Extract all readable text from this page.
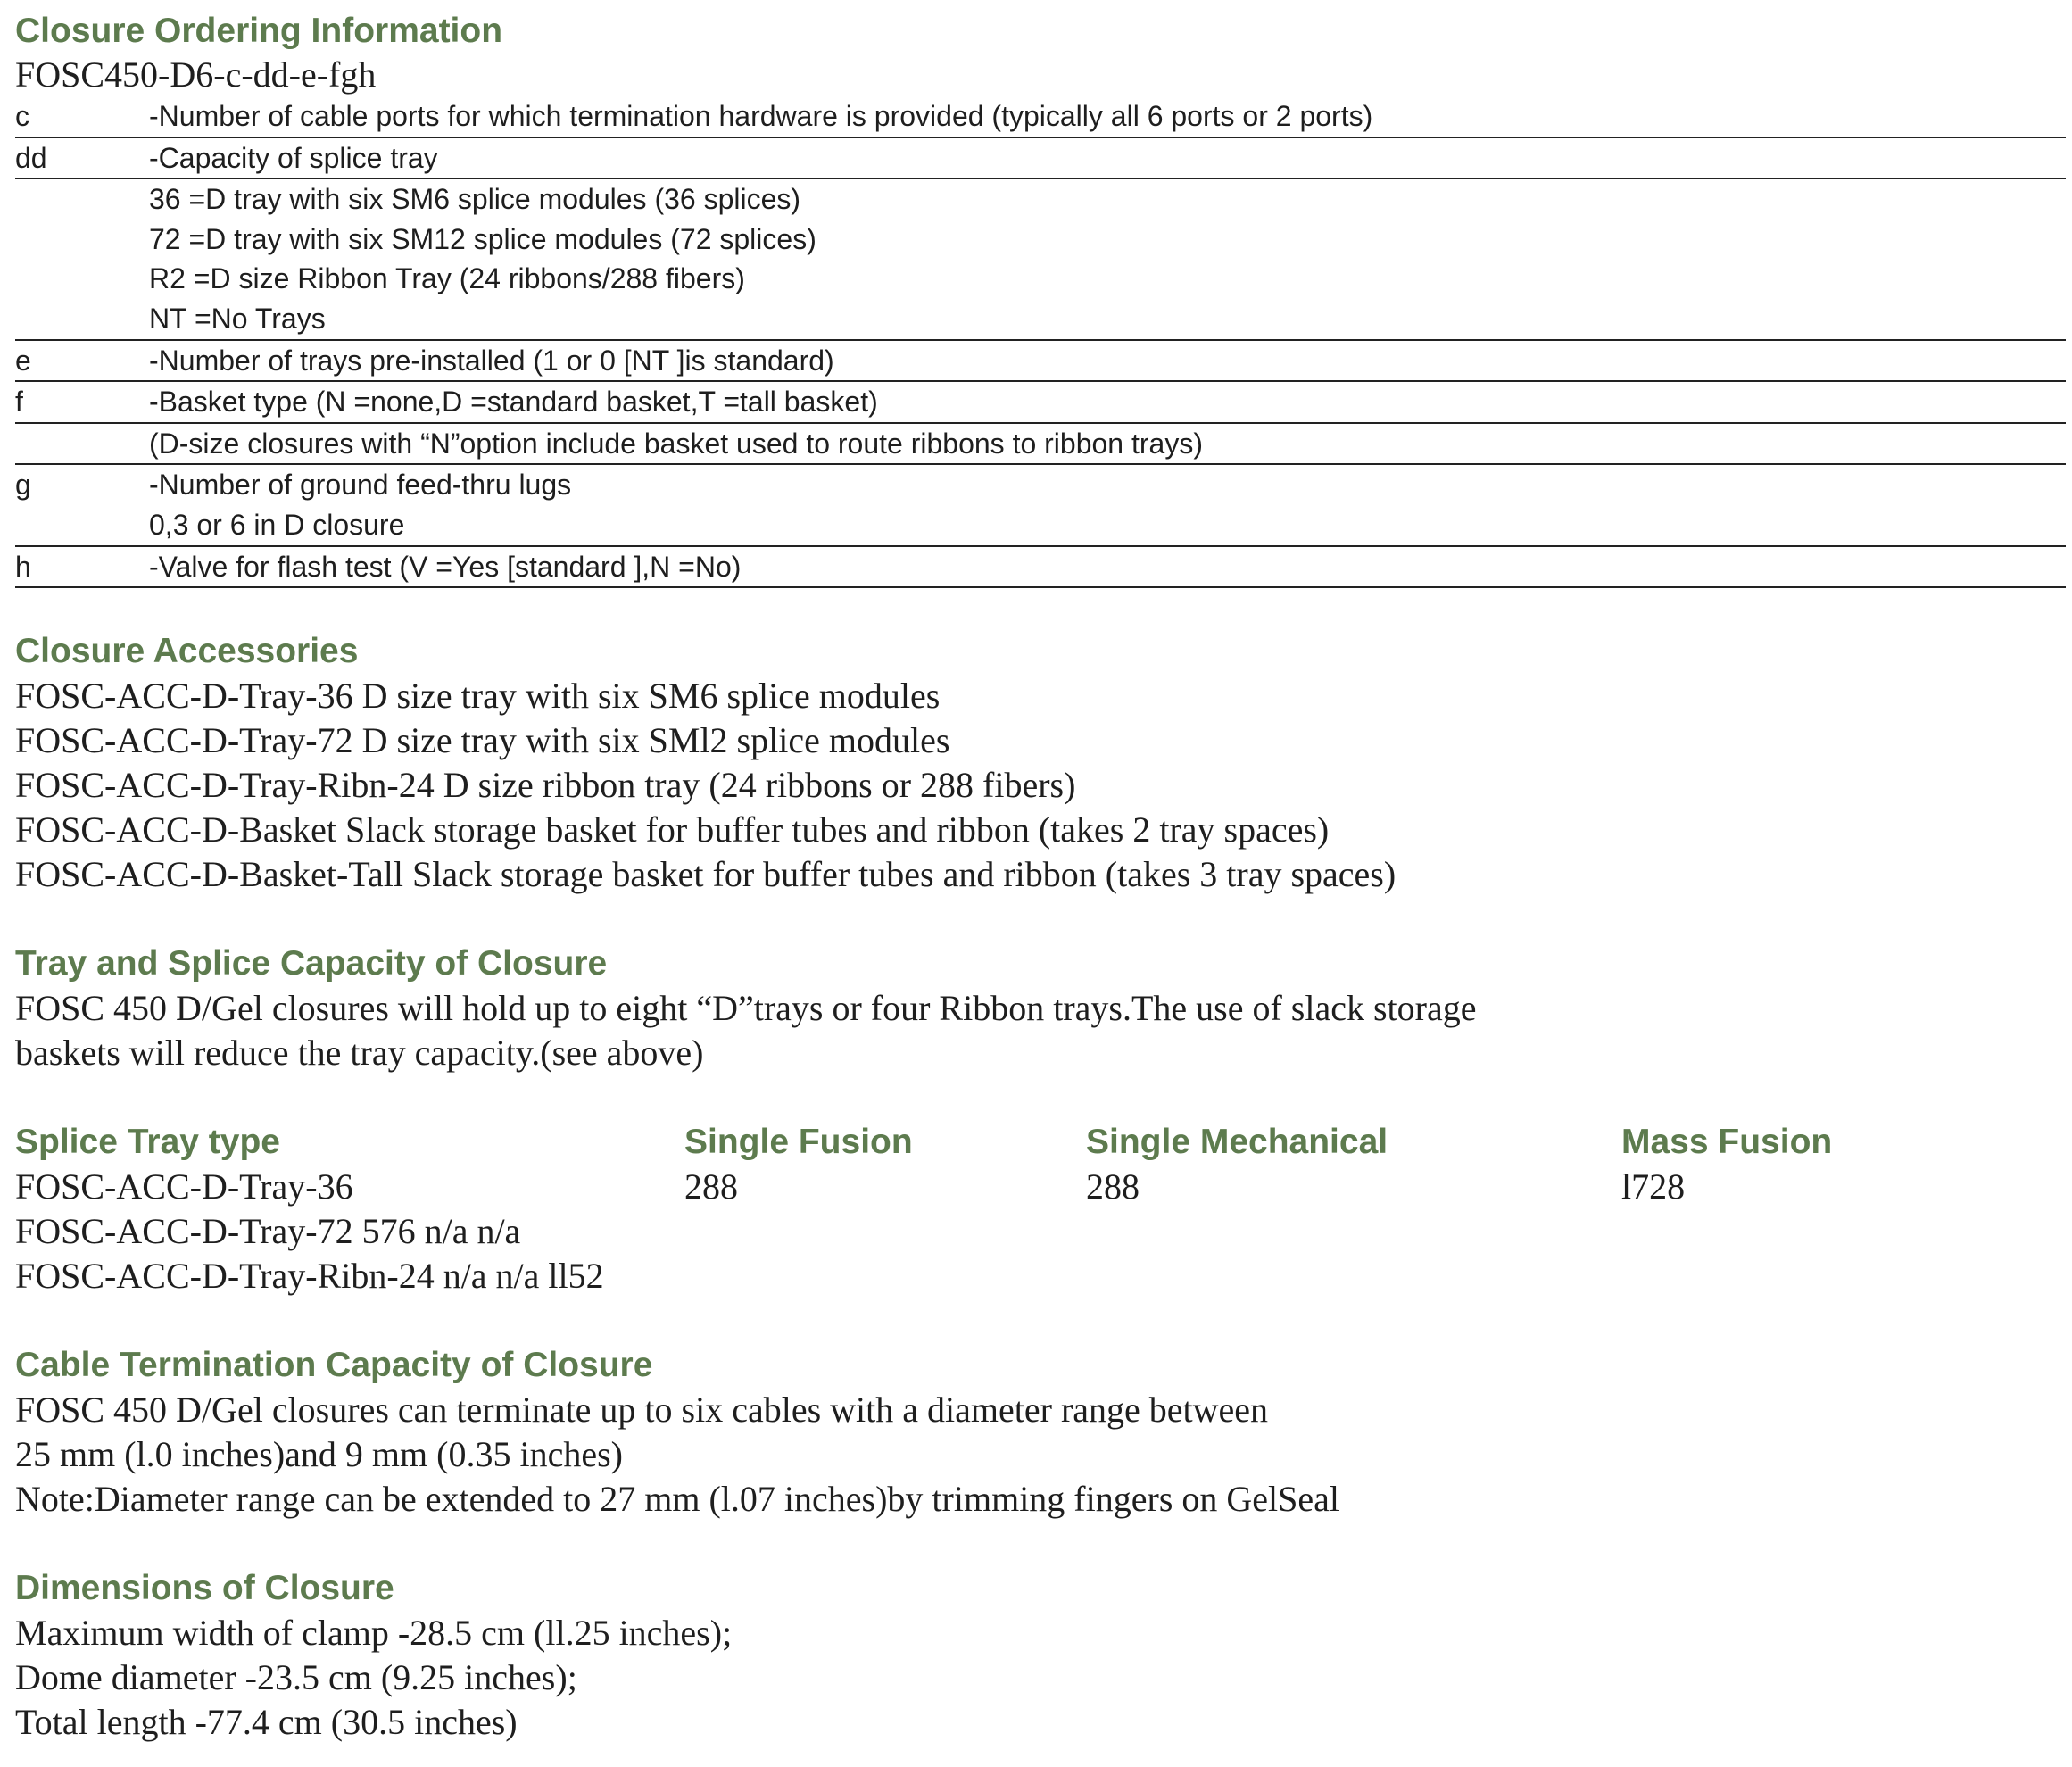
Closure Ordering Information
FOSC450-D6-c-dd-e-fgh
c	-Number of cable ports for which termination hardware is provided (typically all 6 ports or 2 ports)
dd	-Capacity of splice tray
	36 =D tray with six SM6 splice modules (36 splices)
	72 =D tray with six SM12 splice modules (72 splices)
	R2 =D size Ribbon Tray (24 ribbons/288 fibers)
	NT =No Trays
e	-Number of trays pre-installed (1 or 0 [NT ]is standard)
f	-Basket type (N =none,D =standard basket,T =tall basket)
	(D-size closures with “N”option include basket used to route ribbons to ribbon trays)
g	-Number of ground feed-thru lugs
	0,3 or 6 in D closure
h	-Valve for flash test (V =Yes [standard ],N =No)
Closure Accessories
FOSC-ACC-D-Tray-36 D size tray with six SM6 splice modules
FOSC-ACC-D-Tray-72 D size tray with six SMl2 splice modules
FOSC-ACC-D-Tray-Ribn-24 D size ribbon tray (24 ribbons or 288 fibers)
FOSC-ACC-D-Basket Slack storage basket for buffer tubes and ribbon (takes 2 tray spaces)
FOSC-ACC-D-Basket-Tall Slack storage basket for buffer tubes and ribbon (takes 3 tray spaces)
Tray and Splice Capacity of Closure
FOSC 450 D/Gel closures will hold up to eight “D”trays or four Ribbon trays.The use of slack storage
baskets will reduce the tray capacity.(see above)
Splice Tray type	Single Fusion	Single Mechanical	Mass Fusion
FOSC-ACC-D-Tray-36	288	288	l728
FOSC-ACC-D-Tray-72 576 n/a n/a
FOSC-ACC-D-Tray-Ribn-24 n/a n/a ll52
Cable Termination Capacity of Closure
FOSC 450 D/Gel closures can terminate up to six cables with a diameter range between
25 mm (l.0 inches)and 9 mm (0.35 inches)
Note:Diameter range can be extended to 27 mm (l.07 inches)by trimming fingers on GelSeal
Dimensions of Closure
Maximum width of clamp -28.5 cm (ll.25 inches);
Dome diameter -23.5 cm (9.25 inches);
Total length -77.4 cm (30.5 inches)
